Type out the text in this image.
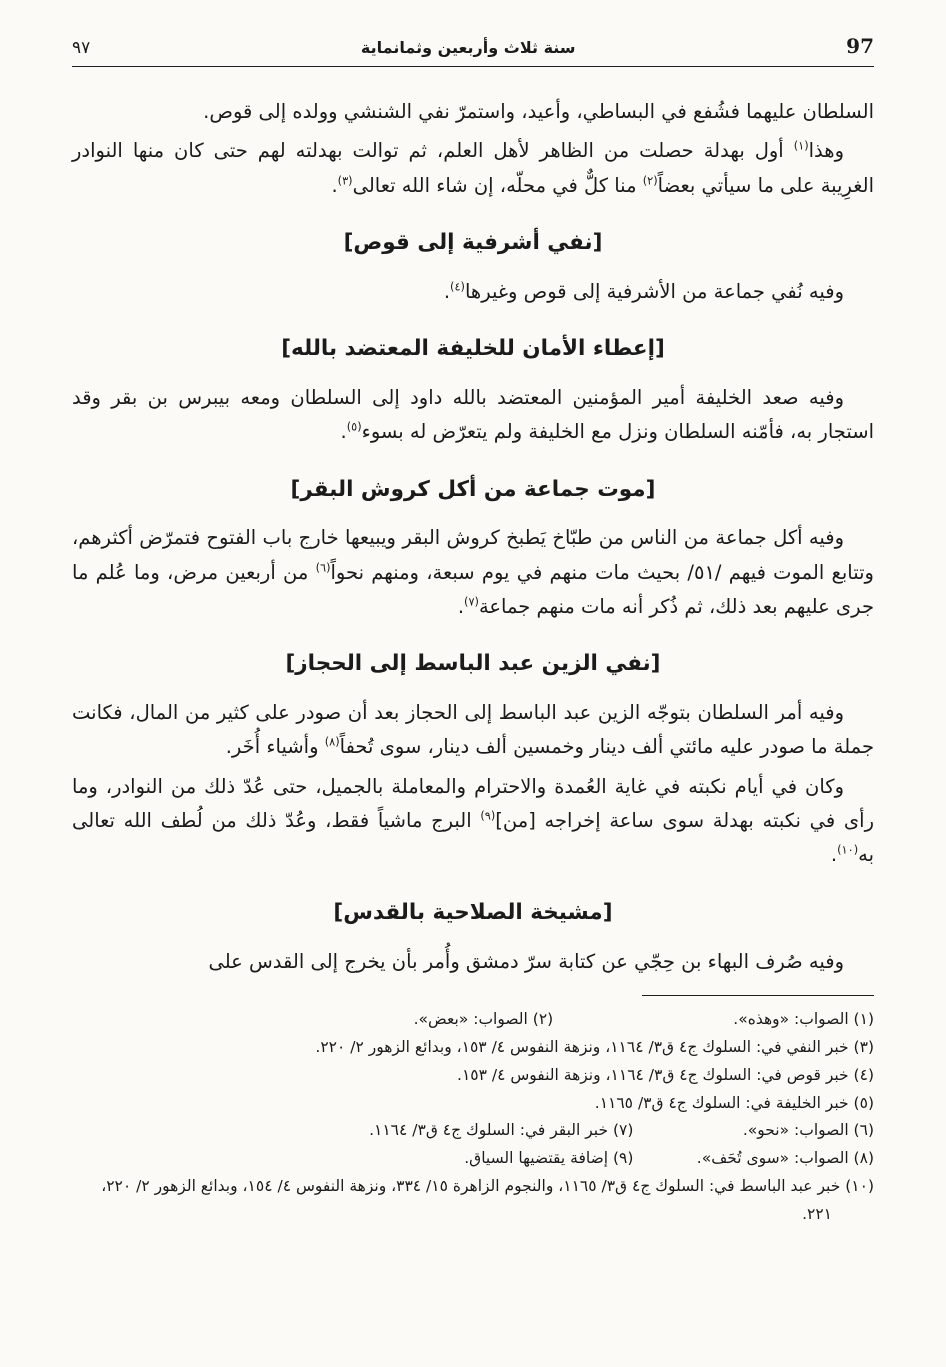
٩٧	سنة ثلاث وأربعين وثمانماية	97

السلطان عليهما فشُفع في البساطي، وأعيد، واستمرّ نفي الشنشي وولده إلى قوص.

وهذا$^{(١)}$ أول بهدلة حصلت من الظاهر لأهل العلم، ثم توالت بهدلته لهم حتى كان منها النوادر الغرِيبة على ما سيأتي بعضاً$^{(٢)}$ منا كلٌّ في محلّه، إن شاء الله تعالى$^{(٣)}$.

[نفي أشرفية إلى قوص]

وفيه نُفي جماعة من الأشرفية إلى قوص وغيرها$^{(٤)}$.

[إعطاء الأمان للخليفة المعتضد بالله]

وفيه صعد الخليفة أمير المؤمنين المعتضد بالله داود إلى السلطان ومعه بيبرس بن بقر وقد استجار به، فأمّنه السلطان ونزل مع الخليفة ولم يتعرّض له بسوء$^{(٥)}$.

[موت جماعة من أكل كروش البقر]

وفيه أكل جماعة من الناس من طبّاخ يَطبخ كروش البقر ويبيعها خارج باب الفتوح فتمرّض أكثرهم، وتتابع الموت فيهم /٥١/ بحيث مات منهم في يوم سبعة، ومنهم نحواً$^{(٦)}$ من أربعين مرض، وما عُلم ما جرى عليهم بعد ذلك، ثم ذُكر أنه مات منهم جماعة$^{(٧)}$.

[نفي الزين عبد الباسط إلى الحجاز]

وفيه أمر السلطان بتوجّه الزين عبد الباسط إلى الحجاز بعد أن صودر على كثير من المال، فكانت جملة ما صودر عليه مائتي ألف دينار وخمسين ألف دينار، سوى تُحفاً$^{(٨)}$ وأشياء أُخَر.

وكان في أيام نكبته في غاية العُمدة والاحترام والمعاملة بالجميل، حتى عُدّ ذلك من النوادر، وما رأى في نكبته بهدلة سوى ساعة إخراجه [من]$^{(٩)}$ البرج ماشياً فقط، وعُدّ ذلك من لُطف الله تعالى به$^{(١٠)}$.

[مشيخة الصلاحية بالقدس]

وفيه صُرف البهاء بن حِجّي عن كتابة سرّ دمشق وأُمر بأن يخرج إلى القدس على

(١) الصواب: «وهذه».
(٢) الصواب: «بعض».

(٣) خبر النفي في: السلوك ج٤ ق٣/ ١١٦٤، ونزهة النفوس ٤/ ١٥٣، وبدائع الزهور ٢/ ٢٢٠.

(٤) خبر قوص في: السلوك ج٤ ق٣/ ١١٦٤، ونزهة النفوس ٤/ ١٥٣.

(٥) خبر الخليفة في: السلوك ج٤ ق٣/ ١١٦٥.

(٦) الصواب: «نحو».
(٧) خبر البقر في: السلوك ج٤ ق٣/ ١١٦٤.
(٨) الصواب: «سوى تُحَف».
(٩) إضافة يقتضيها السياق.

(١٠) خبر عبد الباسط في: السلوك ج٤ ق٣/ ١١٦٥، والنجوم الزاهرة ١٥/ ٣٣٤، ونزهة النفوس ٤/ ١٥٤، وبدائع الزهور ٢/ ٢٢٠، ٢٢١.
